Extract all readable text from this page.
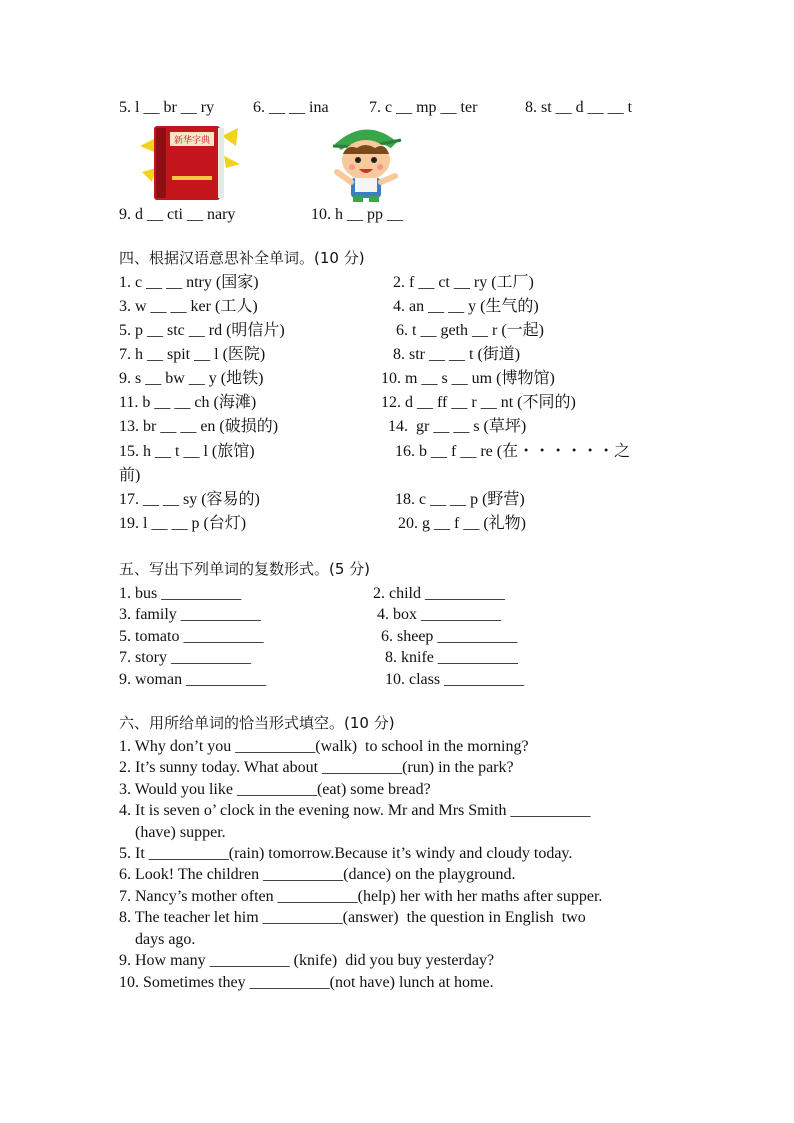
5. l __ br __ ry 6. __ __ ina	7. c __ mp __ ter	8. st __ d __ __ t
新华字典
9. d __ cti __ nary	10. h __ pp __
四、根据汉语意思补全单词。(10 分)
1. c __ __ ntry (国家)	2. f __ ct __ ry (工厂)
3. w __ __ ker (工人)	4. an __ __ y (生气的)
5. p __ stc __ rd (明信片)	6. t __ geth __ r (一起)
7. h __ spit __ l (医院)	8. str __ __ t (街道)
9. s __ bw __ y (地铁)	10. m __ s __ um (博物馆)
11. b __ __ ch (海滩)	12. d __ ff __ r __ nt (不同的)
13. br __ __ en (破损的)	14.  gr __ __ s (草坪)
15. h __ t __ l (旅馆)	16. b __ f __ re (在・・・・・・之
前)
17. __ __ sy (容易的)	18. c __ __ p (野营)
19. l __ __ p (台灯)	20. g __ f __ (礼物)
五、写出下列单词的复数形式。(5 分)
1. bus __________	2. child __________
3. family __________	4. box __________
5. tomato __________	6. sheep __________
7. story __________	8. knife __________
9. woman __________	10. class __________
六、用所给单词的恰当形式填空。(10 分)
1. Why don’t you __________(walk)  to school in the morning?
2. It’s sunny today. What about __________(run) in the park?
3. Would you like __________(eat) some bread?
4. It is seven o’ clock in the evening now. Mr and Mrs Smith __________
(have) supper.
5. It __________(rain) tomorrow.Because it’s windy and cloudy today.
6. Look! The children __________(dance) on the playground.
7. Nancy’s mother often __________(help) her with her maths after supper.
8. The teacher let him __________(answer)  the question in English  two
days ago.
9. How many __________ (knife)  did you buy yesterday?
10. Sometimes they __________(not have) lunch at home.
